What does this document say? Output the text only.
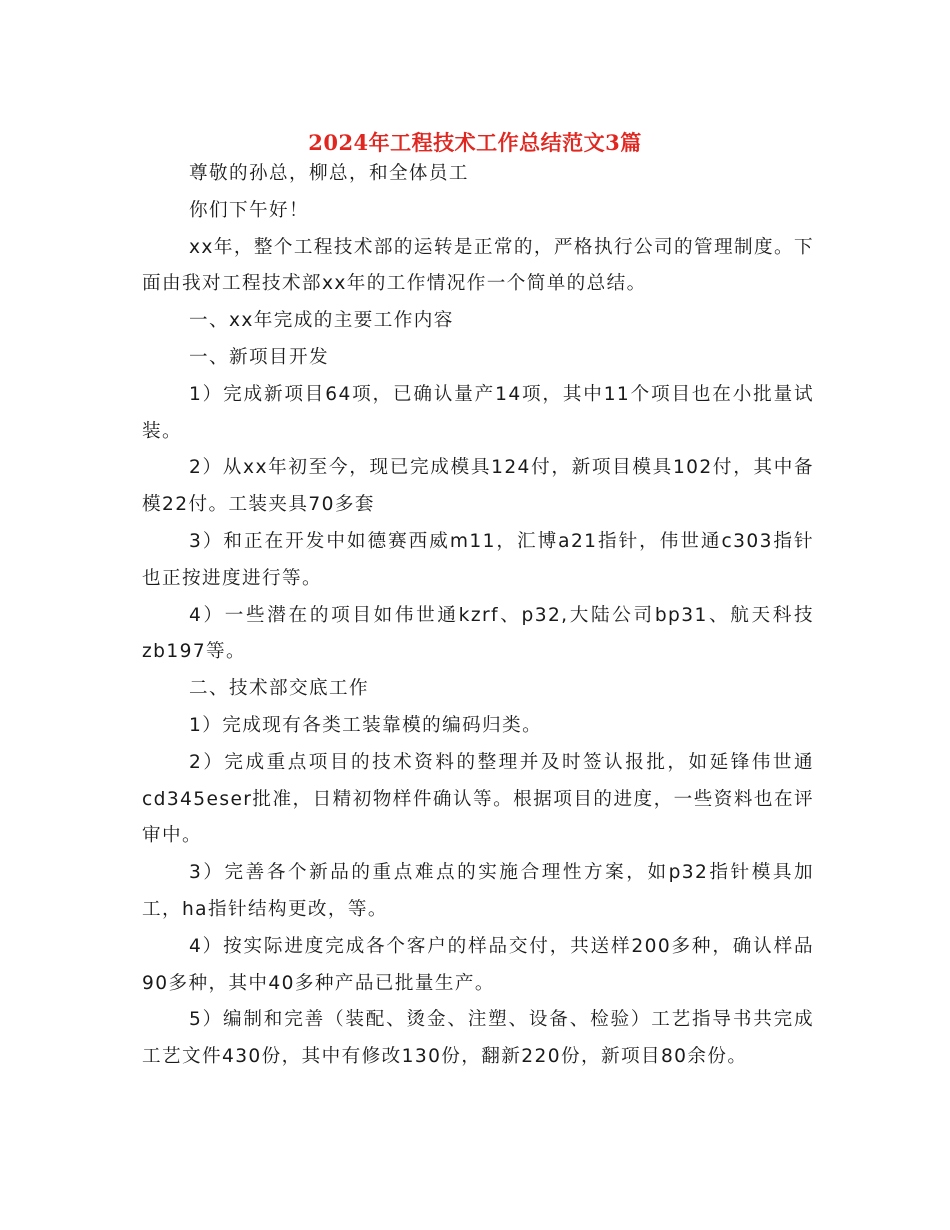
2024年工程技术工作总结范文3篇

尊敬的孙总，柳总，和全体员工

你们下午好！

xx年，整个工程技术部的运转是正常的，严格执行公司的管理制度。下面由我对工程技术部xx年的工作情况作一个简单的总结。

一、xx年完成的主要工作内容

一、新项目开发

1）完成新项目64项，已确认量产14项，其中11个项目也在小批量试装。

2）从xx年初至今，现已完成模具124付，新项目模具102付，其中备模22付。工装夹具70多套

3）和正在开发中如德赛西威m11，汇博a21指针，伟世通c303指针也正按进度进行等。

4）一些潜在的项目如伟世通kzrf、p32,大陆公司bp31、航天科技zb197等。

二、技术部交底工作

1）完成现有各类工装靠模的编码归类。

2）完成重点项目的技术资料的整理并及时签认报批，如延锋伟世通cd345eser批准，日精初物样件确认等。根据项目的进度，一些资料也在评审中。

3）完善各个新品的重点难点的实施合理性方案，如p32指针模具加工，ha指针结构更改，等。

4）按实际进度完成各个客户的样品交付，共送样200多种，确认样品90多种，其中40多种产品已批量生产。

5）编制和完善（装配、烫金、注塑、设备、检验）工艺指导书共完成工艺文件430份，其中有修改130份，翻新220份，新项目80余份。
